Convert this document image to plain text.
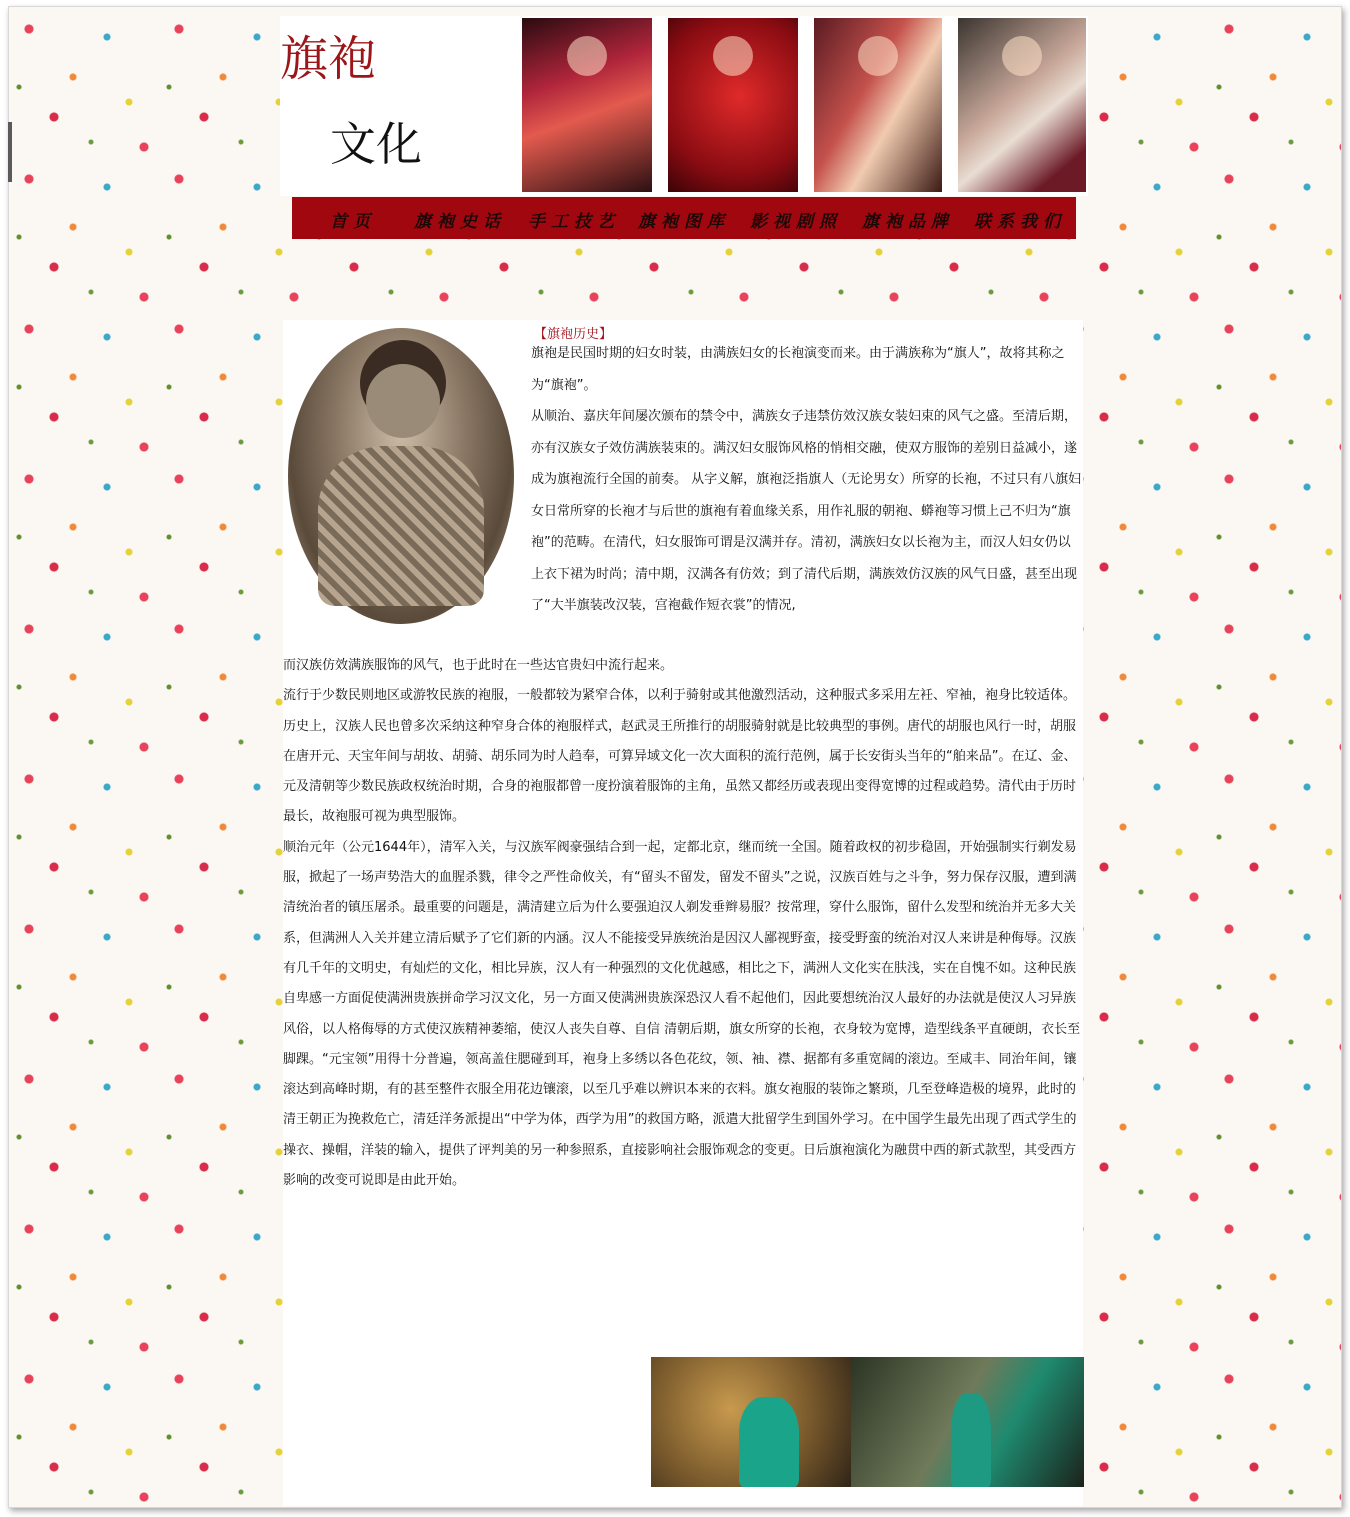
旗袍
文化
首页 旗袍史话 手工技艺 旗袍图库 影视剧照 旗袍品牌 联系我们
【旗袍历史】

旗袍是民国时期的妇女时装，由满族妇女的长袍演变而来。由于满族称为“旗人”，故将其称之为“旗袍”。
从顺治、嘉庆年间屡次颁布的禁令中，满族女子违禁仿效汉族女装妇束的风气之盛。至清后期，亦有汉族女子效仿满族装束的。满汉妇女服饰风格的悄相交融，使双方服饰的差别日益减小，遂成为旗袍流行全国的前奏。 从字义解，旗袍泛指旗人（无论男女）所穿的长袍，不过只有八旗妇女日常所穿的长袍才与后世的旗袍有着血缘关系，用作礼服的朝袍、蟒袍等习惯上己不归为“旗袍”的范畴。在清代，妇女服饰可谓是汉满并存。清初，满族妇女以长袍为主，而汉人妇女仍以上衣下裙为时尚；清中期，汉满各有仿效；到了清代后期，满族效仿汉族的风气日盛，甚至出现了“大半旗装改汉装，宫袍截作短衣裳”的情况,

而汉族仿效满族服饰的风气，也于此时在一些达官贵妇中流行起来。

流行于少数民则地区或游牧民族的袍服，一般都较为紧窄合体，以利于骑射或其他激烈活动，这种服式多采用左衽、窄袖，袍身比较适体。历史上，汉族人民也曾多次采纳这种窄身合体的袍服样式，赵武灵王所推行的胡服骑射就是比较典型的事例。唐代的胡服也风行一时，胡服在唐开元、天宝年间与胡妆、胡骑、胡乐同为时人趋奉，可算异域文化一次大面积的流行范例，属于长安街头当年的“舶来品”。在辽、金、元及清朝等少数民族政权统治时期，合身的袍服都曾一度扮演着服饰的主角，虽然又都经历或表现出变得宽博的过程或趋势。清代由于历时最长，故袍服可视为典型服饰。

顺治元年（公元1644年），清军入关，与汉族军阀豪强结合到一起，定都北京，继而统一全国。随着政权的初步稳固，开始强制实行剃发易服，掀起了一场声势浩大的血腥杀戮，律令之严性命攸关，有“留头不留发，留发不留头”之说，汉族百姓与之斗争，努力保存汉服，遭到满清统治者的镇压屠杀。最重要的问题是，满清建立后为什么要强迫汉人剃发垂辫易服？按常理，穿什么服饰，留什么发型和统治并无多大关系，但满洲人入关并建立清后赋予了它们新的内涵。汉人不能接受异族统治是因汉人鄙视野蛮，接受野蛮的统治对汉人来讲是种侮辱。汉族有几千年的文明史，有灿烂的文化，相比异族，汉人有一种强烈的文化优越感，相比之下，满洲人文化实在肤浅，实在自愧不如。这种民族自卑感一方面促使满洲贵族拼命学习汉文化，另一方面又使满洲贵族深恐汉人看不起他们，因此要想统治汉人最好的办法就是使汉人习异族风俗，以人格侮辱的方式使汉族精神萎缩，使汉人丧失自尊、自信 清朝后期，旗女所穿的长袍，衣身较为宽博，造型线条平直硬朗，衣长至脚踝。“元宝领”用得十分普遍，领高盖住腮碰到耳，袍身上多绣以各色花纹，领、袖、襟、据都有多重宽阔的滚边。至咸丰、同治年间，镶滚达到高峰时期，有的甚至整件衣服全用花边镶滚，以至几乎难以辨识本来的衣料。旗女袍服的装饰之繁琐，几至登峰造极的境界，此时的清王朝正为挽救危亡，清廷洋务派提出“中学为体，西学为用”的救国方略，派遣大批留学生到国外学习。在中国学生最先出现了西式学生的操衣、操帽，洋装的输入，提供了评判美的另一种参照系，直接影响社会服饰观念的变更。日后旗袍演化为融贯中西的新式款型，其受西方影响的改变可说即是由此开始。
